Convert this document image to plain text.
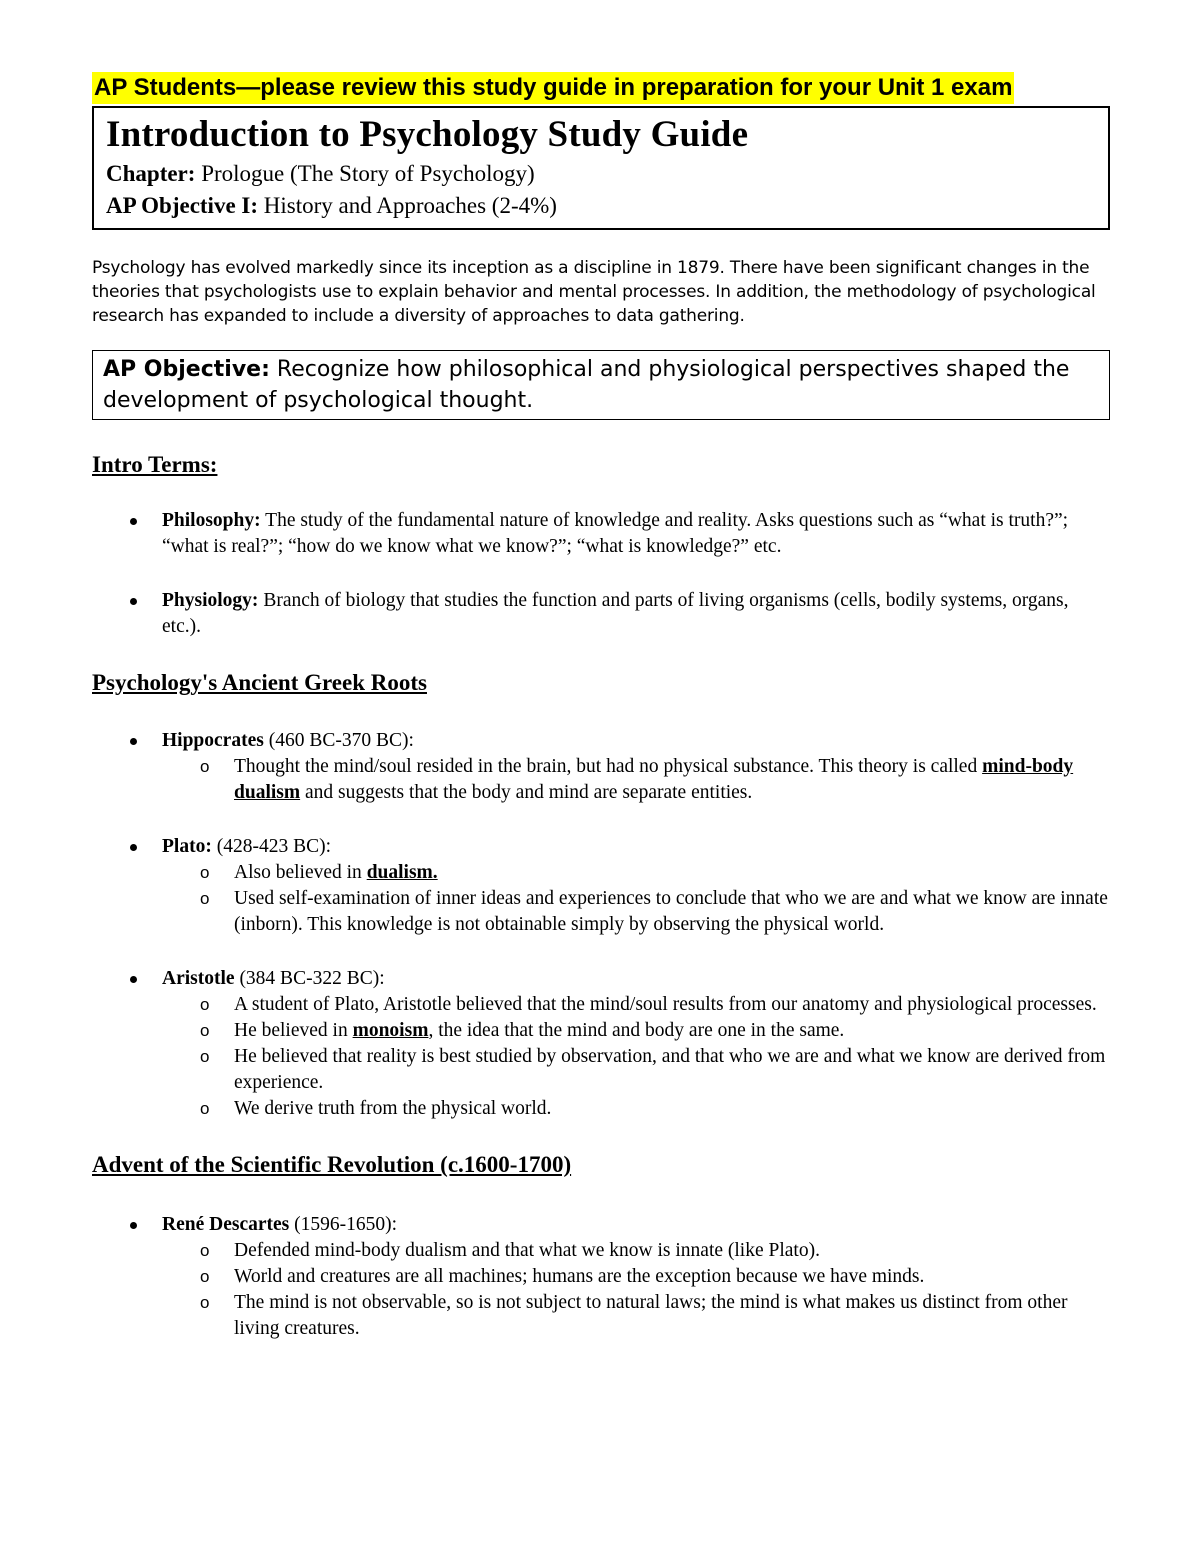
AP Students—please review this study guide in preparation for your Unit 1 exam
Introduction to Psychology Study Guide
Chapter: Prologue (The Story of Psychology)
AP Objective I: History and Approaches (2-4%)

Psychology has evolved markedly since its inception as a discipline in 1879. There have been significant changes in the theories that psychologists use to explain behavior and mental processes. In addition, the methodology of psychological research has expanded to include a diversity of approaches to data gathering.

AP Objective: Recognize how philosophical and physiological perspectives shaped the development of psychological thought.
Intro Terms:
Philosophy: The study of the fundamental nature of knowledge and reality. Asks questions such as “what is truth?”; “what is real?”; “how do we know what we know?”; “what is knowledge?” etc.
Physiology: Branch of biology that studies the function and parts of living organisms (cells, bodily systems, organs, etc.).
Psychology's Ancient Greek Roots
Hippocrates (460 BC-370 BC):
o	Thought the mind/soul resided in the brain, but had no physical substance. This theory is called mind-body dualism and suggests that the body and mind are separate entities.
Plato: (428-423 BC):
o	Also believed in dualism.
o	Used self-examination of inner ideas and experiences to conclude that who we are and what we know are innate (inborn). This knowledge is not obtainable simply by observing the physical world.
Aristotle (384 BC-322 BC):
o	A student of Plato, Aristotle believed that the mind/soul results from our anatomy and physiological processes.
o	He believed in monoism, the idea that the mind and body are one in the same.
o	He believed that reality is best studied by observation, and that who we are and what we know are derived from experience.
o	We derive truth from the physical world.
Advent of the Scientific Revolution (c.1600-1700)
René Descartes (1596-1650):
o	Defended mind-body dualism and that what we know is innate (like Plato).
o	World and creatures are all machines; humans are the exception because we have minds.
o	The mind is not observable, so is not subject to natural laws; the mind is what makes us distinct from other living creatures.
